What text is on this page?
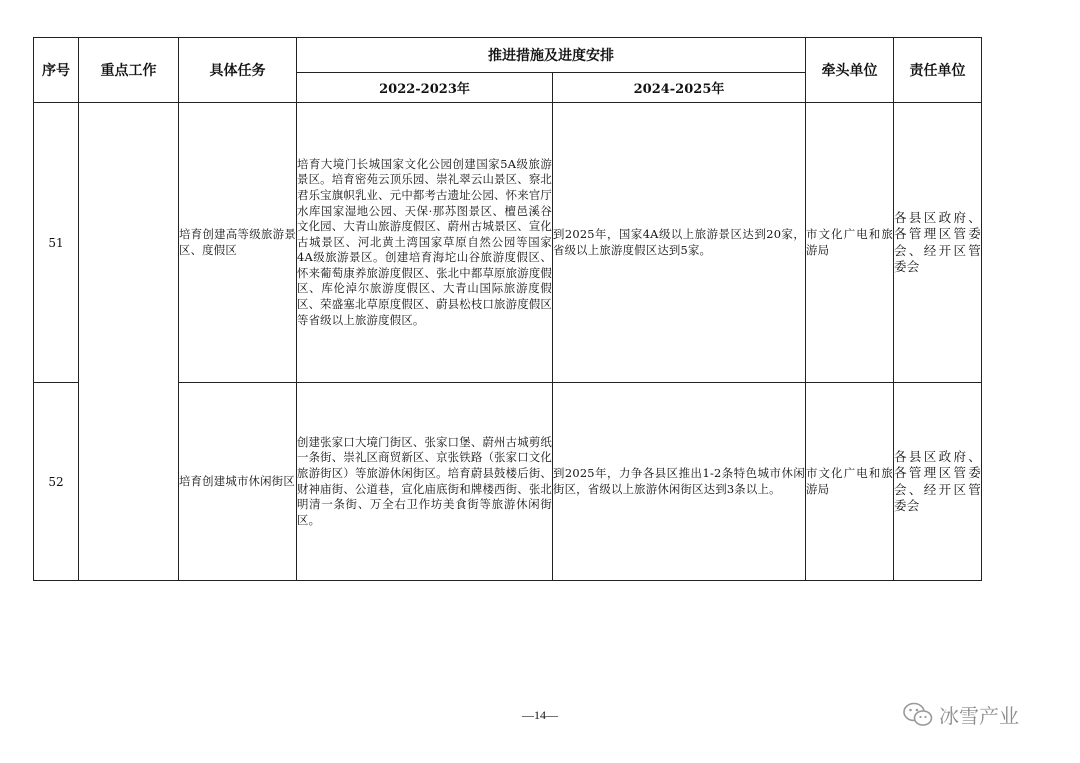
序号	重点工作	具体任务	推进措施及进度安排		牵头单位	责任单位
			2022-2023年	2024-2025年		
51		培育创建高等级旅游景区、度假区	培育大境门长城国家文化公园创建国家5A级旅游景区。培育密苑云顶乐园、崇礼翠云山景区、察北君乐宝旗帜乳业、元中都考古遗址公园、怀来官厅水库国家湿地公园、天保·那苏图景区、檀邑溪谷文化园、大青山旅游度假区、蔚州古城景区、宣化古城景区、河北黄土湾国家草原自然公园等国家4A级旅游景区。创建培育海坨山谷旅游度假区、怀来葡萄康养旅游度假区、张北中都草原旅游度假区、库伦淖尔旅游度假区、大青山国际旅游度假区、荣盛塞北草原度假区、蔚县松枝口旅游度假区等省级以上旅游度假区。	到2025年，国家4A级以上旅游景区达到20家，省级以上旅游度假区达到5家。	市文化广电和旅游局	各县区政府、各管理区管委会、经开区管委会
52		培育创建城市休闲街区	创建张家口大境门街区、张家口堡、蔚州古城剪纸一条街、崇礼区商贸新区、京张铁路（张家口文化旅游街区）等旅游休闲街区。培育蔚县鼓楼后街、财神庙街、公道巷，宣化庙底街和牌楼西街、张北明清一条街、万全右卫作坊美食街等旅游休闲街区。	到2025年，力争各县区推出1-2条特色城市休闲街区，省级以上旅游休闲街区达到3条以上。	市文化广电和旅游局	各县区政府、各管理区管委会、经开区管委会
—14—	冰雪产业
